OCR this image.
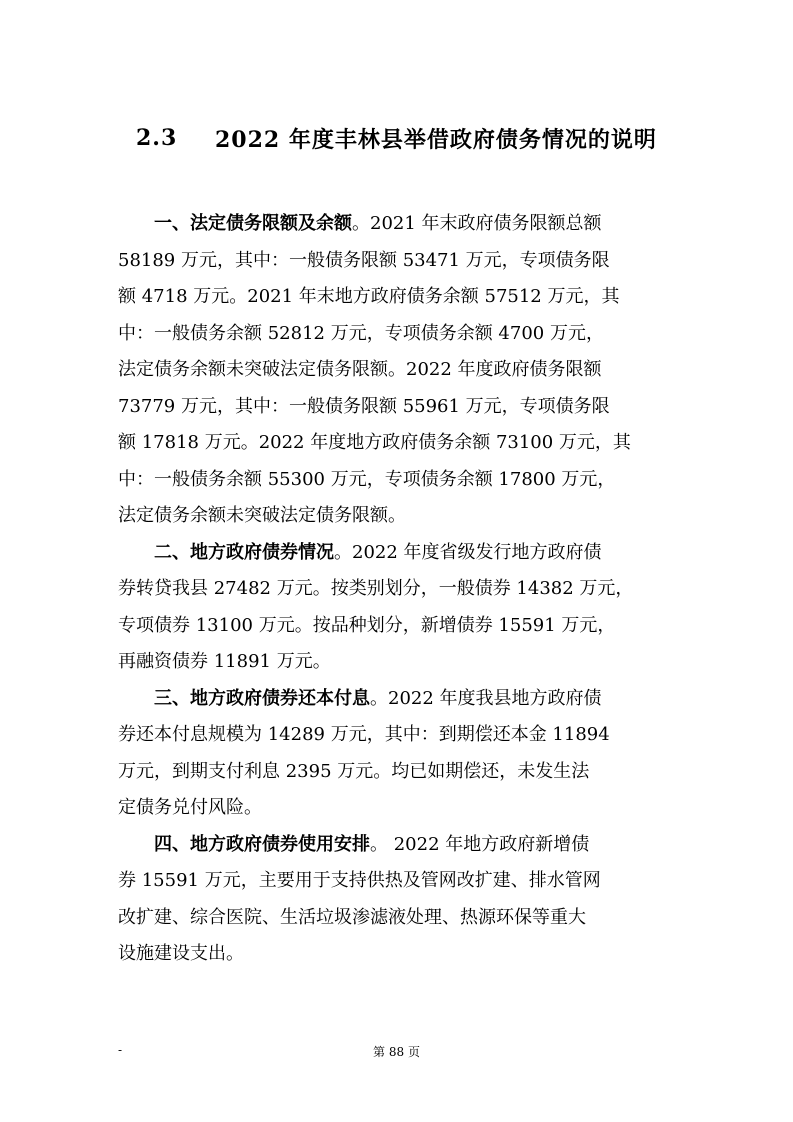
2.3	2022 年度丰林县举借政府债务情况的说明
一、法定债务限额及余额。2021 年末政府债务限额总额
58189 万元，其中：一般债务限额 53471 万元，专项债务限
额 4718 万元。2021 年末地方政府债务余额 57512 万元，其
中：一般债务余额 52812 万元，专项债务余额 4700 万元，
法定债务余额未突破法定债务限额。2022 年度政府债务限额
73779 万元，其中：一般债务限额 55961 万元，专项债务限
额 17818 万元。2022 年度地方政府债务余额 73100 万元，其
中：一般债务余额 55300 万元，专项债务余额 17800 万元，
法定债务余额未突破法定债务限额。
二、地方政府债券情况。2022 年度省级发行地方政府债
券转贷我县 27482 万元。按类别划分，一般债券 14382 万元，
专项债券 13100 万元。按品种划分，新增债券 15591 万元，
再融资债券 11891 万元。
三、地方政府债券还本付息。2022 年度我县地方政府债
券还本付息规模为 14289 万元，其中：到期偿还本金 11894
万元，到期支付利息 2395 万元。均已如期偿还，未发生法
定债务兑付风险。
四、地方政府债券使用安排。 2022 年地方政府新增债
券 15591 万元，主要用于支持供热及管网改扩建、排水管网
改扩建、综合医院、生活垃圾渗滤液处理、热源环保等重大
设施建设支出。
-	第 88 页
